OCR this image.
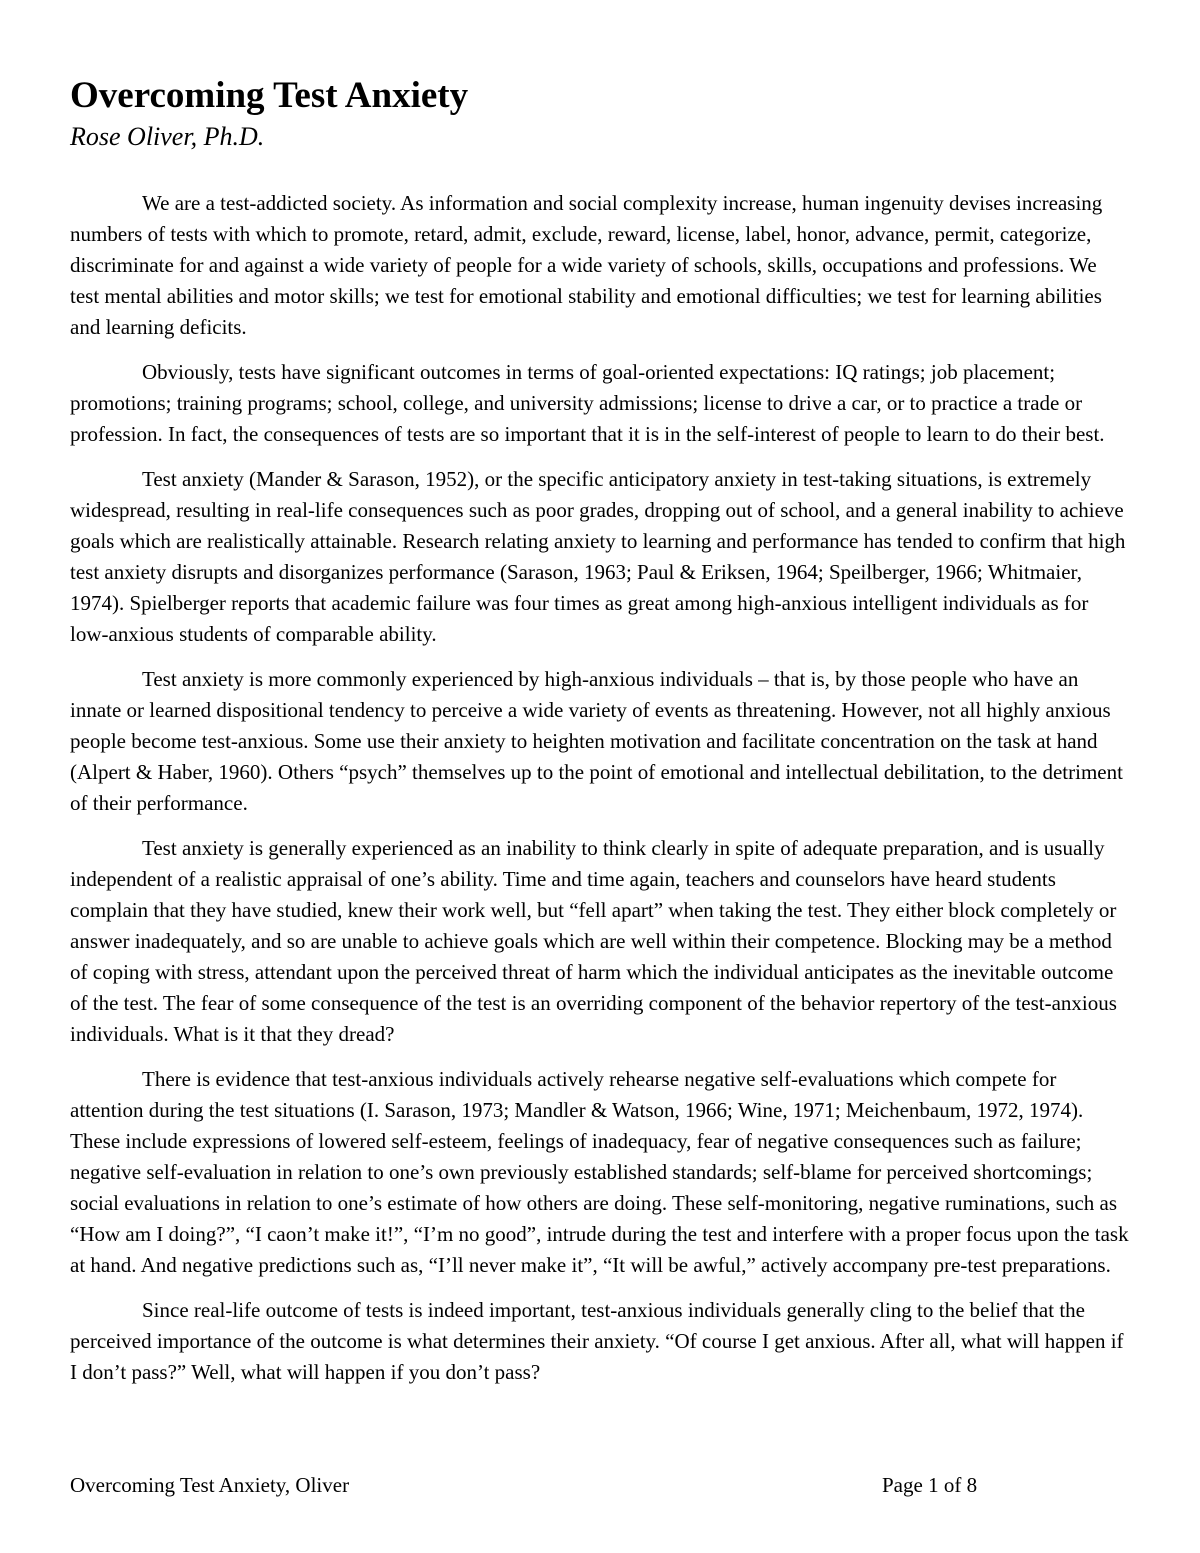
Overcoming Test Anxiety

Rose Oliver, Ph.D.

We are a test-addicted society. As information and social complexity increase, human ingenuity devises increasing numbers of tests with which to promote, retard, admit, exclude, reward, license, label, honor, advance, permit, categorize, discriminate for and against a wide variety of people for a wide variety of schools, skills, occupations and professions. We test mental abilities and motor skills; we test for emotional stability and emotional difficulties; we test for learning abilities and learning deficits.

Obviously, tests have significant outcomes in terms of goal-oriented expectations: IQ ratings; job placement; promotions; training programs; school, college, and university admissions; license to drive a car, or to practice a trade or profession. In fact, the consequences of tests are so important that it is in the self-interest of people to learn to do their best.

Test anxiety (Mander & Sarason, 1952), or the specific anticipatory anxiety in test-taking situations, is extremely widespread, resulting in real-life consequences such as poor grades, dropping out of school, and a general inability to achieve goals which are realistically attainable. Research relating anxiety to learning and performance has tended to confirm that high test anxiety disrupts and disorganizes performance (Sarason, 1963; Paul & Eriksen, 1964; Speilberger, 1966; Whitmaier, 1974). Spielberger reports that academic failure was four times as great among high-anxious intelligent individuals as for low-anxious students of comparable ability.

Test anxiety is more commonly experienced by high-anxious individuals – that is, by those people who have an innate or learned dispositional tendency to perceive a wide variety of events as threatening. However, not all highly anxious people become test-anxious. Some use their anxiety to heighten motivation and facilitate concentration on the task at hand (Alpert & Haber, 1960). Others “psych” themselves up to the point of emotional and intellectual debilitation, to the detriment of their performance.

Test anxiety is generally experienced as an inability to think clearly in spite of adequate preparation, and is usually independent of a realistic appraisal of one’s ability. Time and time again, teachers and counselors have heard students complain that they have studied, knew their work well, but “fell apart” when taking the test. They either block completely or answer inadequately, and so are unable to achieve goals which are well within their competence. Blocking may be a method of coping with stress, attendant upon the perceived threat of harm which the individual anticipates as the inevitable outcome of the test. The fear of some consequence of the test is an overriding component of the behavior repertory of the test-anxious individuals. What is it that they dread?

There is evidence that test-anxious individuals actively rehearse negative self-evaluations which compete for attention during the test situations (I. Sarason, 1973; Mandler & Watson, 1966; Wine, 1971; Meichenbaum, 1972, 1974). These include expressions of lowered self-esteem, feelings of inadequacy, fear of negative consequences such as failure; negative self-evaluation in relation to one’s own previously established standards; self-blame for perceived shortcomings; social evaluations in relation to one’s estimate of how others are doing. These self-monitoring, negative ruminations, such as “How am I doing?”, “I caon’t make it!”, “I’m no good”, intrude during the test and interfere with a proper focus upon the task at hand. And negative predictions such as, “I’ll never make it”, “It will be awful,” actively accompany pre-test preparations.

Since real-life outcome of tests is indeed important, test-anxious individuals generally cling to the belief that the perceived importance of the outcome is what determines their anxiety. “Of course I get anxious. After all, what will happen if I don’t pass?” Well, what will happen if you don’t pass?

Overcoming Test Anxiety, Oliver	Page 1 of 8
